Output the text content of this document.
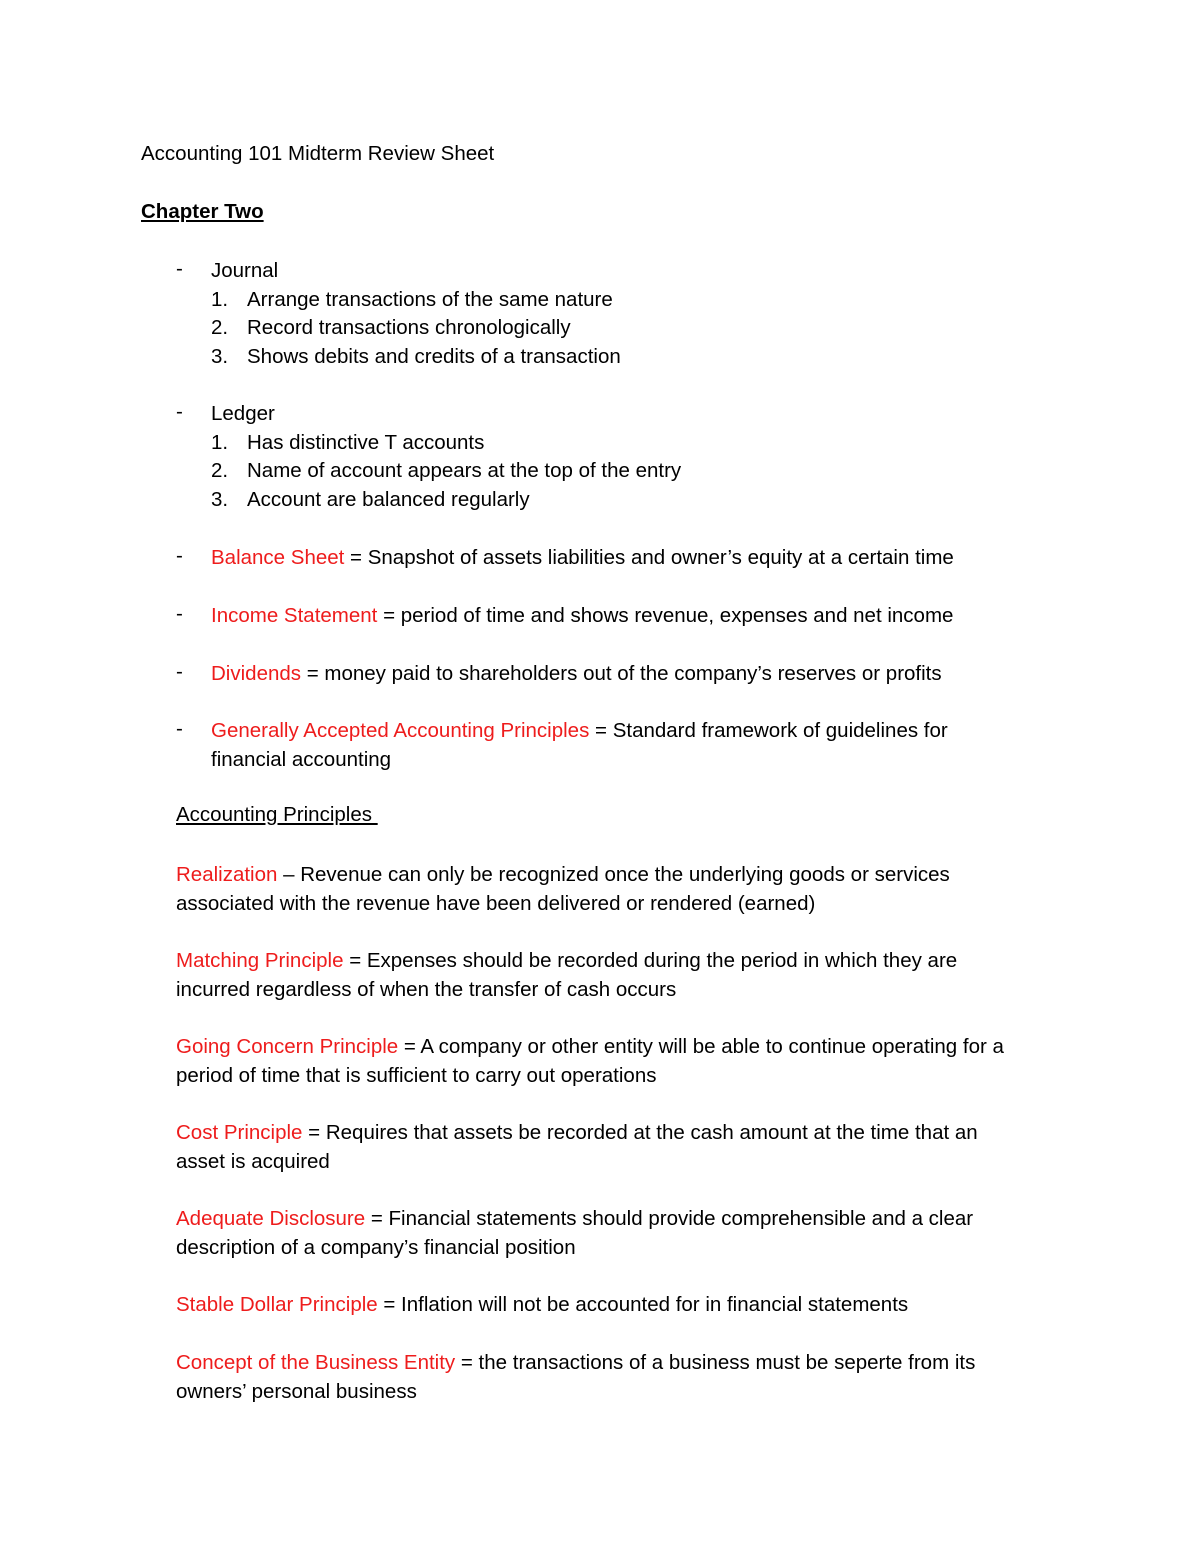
Accounting 101 Midterm Review Sheet
Chapter Two
- Journal
1. Arrange transactions of the same nature
2. Record transactions chronologically
3. Shows debits and credits of a transaction
- Ledger
1. Has distinctive T accounts
2. Name of account appears at the top of the entry
3. Account are balanced regularly
- Balance Sheet = Snapshot of assets liabilities and owner’s equity at a certain time
- Income Statement = period of time and shows revenue, expenses and net income
- Dividends = money paid to shareholders out of the company’s reserves or profits
- Generally Accepted Accounting Principles = Standard framework of guidelines for financial accounting
Accounting Principles
Realization – Revenue can only be recognized once the underlying goods or services associated with the revenue have been delivered or rendered (earned)
Matching Principle = Expenses should be recorded during the period in which they are incurred regardless of when the transfer of cash occurs
Going Concern Principle = A company or other entity will be able to continue operating for a period of time that is sufficient to carry out operations
Cost Principle = Requires that assets be recorded at the cash amount at the time that an asset is acquired
Adequate Disclosure = Financial statements should provide comprehensible and a clear description of a company’s financial position
Stable Dollar Principle = Inflation will not be accounted for in financial statements
Concept of the Business Entity = the transactions of a business must be seperte from its owners’ personal business
